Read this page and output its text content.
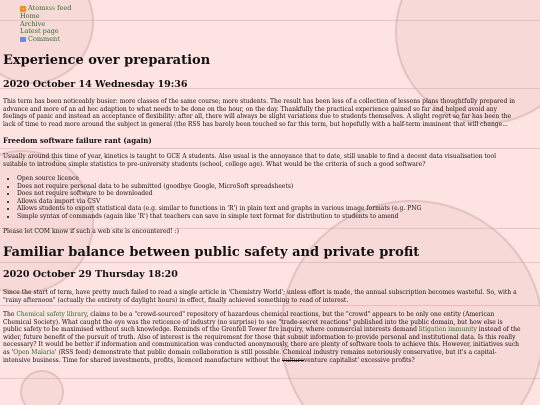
∿ AtomRSS feed
Home
Archive
Latest page
Comment
Experience over preparation
2020 October 14 Wednesday 19:36

This term has been noticeably busier: more classes of the same course; more students. The result has been less of a collection of lessons plans thoughtfully prepared in advance and more of an ad hoc adaption to what needs to be done on the hour, on the day. Thankfully the practical experience gained so far and helped avoid any feelings of panic and instead an acceptance of flexibility: after all, there will always be slight variations due to students themselves. A slight regret so far has been the lack of time to read more around the subject in general (the RSS has barely been touched so far this term, but hopefully with a half-term imminent that will change...

Freedom software failure rant (again)

Usually around this time of year, kinetics is taught to GCE A students. Also usual is the annoyance that to date, still unable to find a decent data visualisation tool suitable to introduce simple statistics to pre-university students (school, college age). What would be the criteria of such a good software?

• Open source licence
• Does not require personal data to be submitted (goodbye Google, MicroSoft spreadsheets)
• Does not require software to be downloaded
• Allows data import via CSV
• Allows students to export statistical data (e.g. similar to functions in 'R') in plain text and graphs in various image formats (e.g. PNG
• Simple syntax of commands (again like 'R') that teachers can save in simple text format for distribution to students to amend

Please let COM know if such a web site is encountered! :)

Familiar balance between public safety and private profit
2020 October 29 Thursday 18:20

Since the start of term, have pretty much failed to read a single article in 'Chemistry World'; unless effort is made, the annual subscription becomes wasteful. So, with a "rainy afternoon" (actually the entirety of daylight hours) in effect, finally achieved something to read of interest.

The Chemical safety library, claims to be a "crowd-sourced" repository of hazardous chemical reactions, but the "crowd" appears to be only one entity (American Chemical Society). What caught the eye was the reticence of industry (no surprise) to see "trade-secret reactions" published into the public domain, but how else is public safety to be maximised without such knowledge. Reminds of the Grenfell Tower fire inquiry, where commercial interests demand litigation immunity instead of the wider, future benefit of the pursuit of truth. Also of interest is the requirement for those that submit information to provide personal and institutional data. Is this really necessary? It would be better if information and communication was conducted anonymously, there are plenty of software tools to achieve this. However, initiatives such as 'Open Malaria' (RSS feed) demonstrate that public domain collaboration is still possible. Chemical industry remains notoriously conservative, but it's a capital-intensive business. Time for shared investments, profits, licenced manufacture without the vultureventure capitalist' excessive profits?
